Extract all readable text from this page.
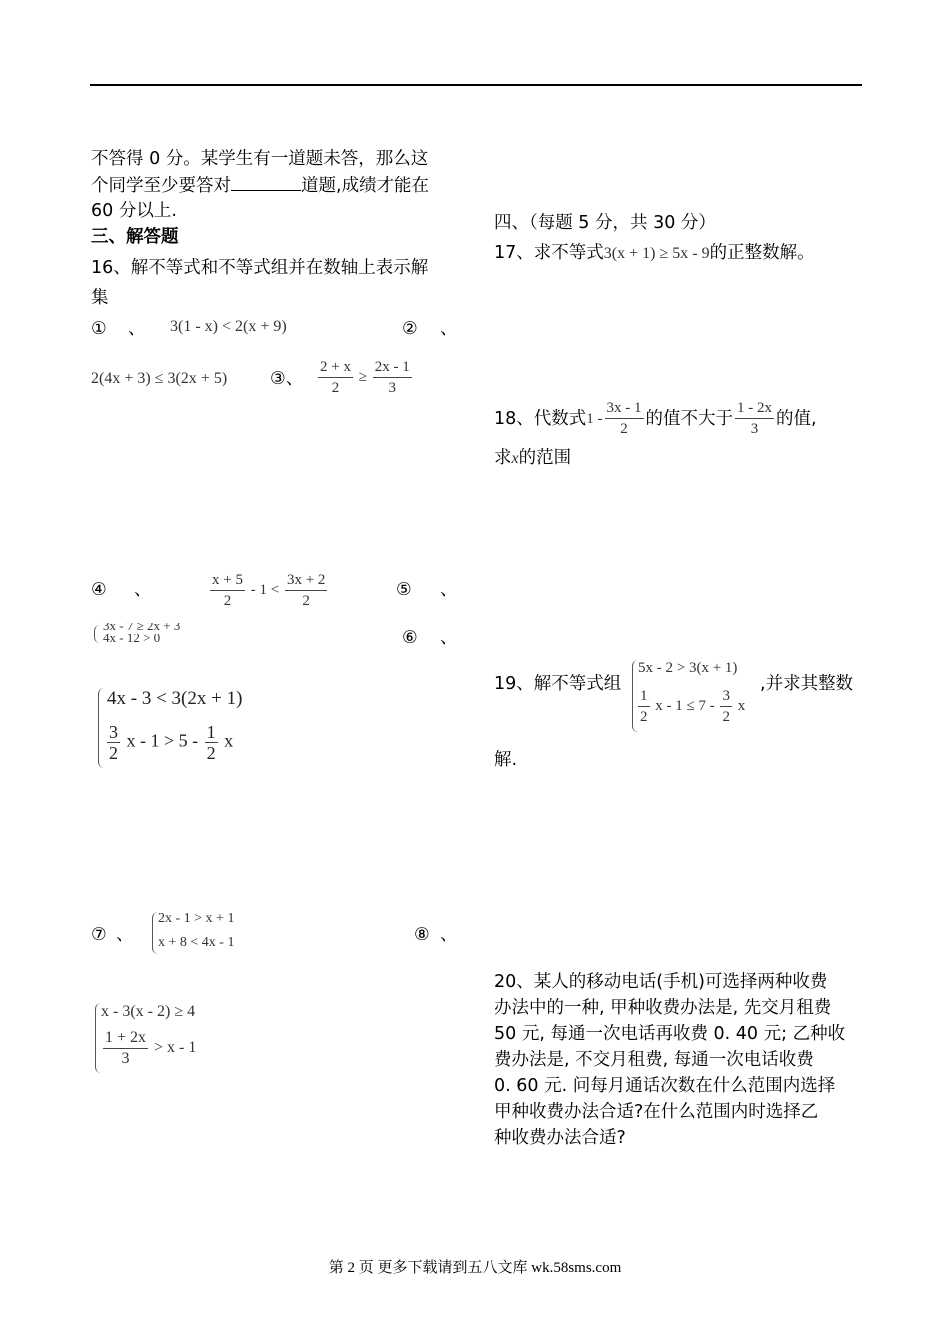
不答得 0 分。某学生有一道题未答，那么这
个同学至少要答对	道题,成绩才能在
60 分以上.
三、解答题
16、解不等式和不等式组并在数轴上表示解
集
① 、 3(1 - x) < 2(x + 9)	② 、
2(4x + 3) ≤ 3(2x + 5) ③、 $\frac{2 + x}{2} \ge \frac{2x - 1}{3}$
④ 、	$\frac{x + 5}{2} - 1 < \frac{3x + 2}{2}$	⑤ 、
3x - 7 ≥ 2x + 3
4x - 12 > 0	⑥ 、
4x - 3 < 3(2x + 1)
$\frac{3}{2}$ $x - 1 > 5 - \frac{1}{2}$ x
⑦ 、
2x - 1 > x + 1
x + 8 < 4x - 1	⑧ 、
x - 3(x - 2) ≥ 4
$\frac{1 + 2x}{3} > x - 1$
四、（每题 5 分，共 30 分）
17、求不等式3(x + 1) ≥ 5x - 9的正整数解。
18、代数式 $1 - \frac{3x - 1}{2}$ 的值不大于 $\frac{1 - 2x}{3}$ 的值,
求x的范围
19、解不等式组
5x - 2 > 3(x + 1)
$\frac{1}{2}$ $x - 1 \le 7 - \frac{3}{2}$ x
,并求其整数
解.
20、某人的移动电话(手机)可选择两种收费
办法中的一种, 甲种收费办法是, 先交月租费
50 元, 每通一次电话再收费 0. 40 元; 乙种收
费办法是, 不交月租费, 每通一次电话收费
0. 60 元. 问每月通话次数在什么范围内选择
甲种收费办法合适?在什么范围内时选择乙
种收费办法合适?
第 2 页 更多下载请到五八文库 wk.58sms.com
